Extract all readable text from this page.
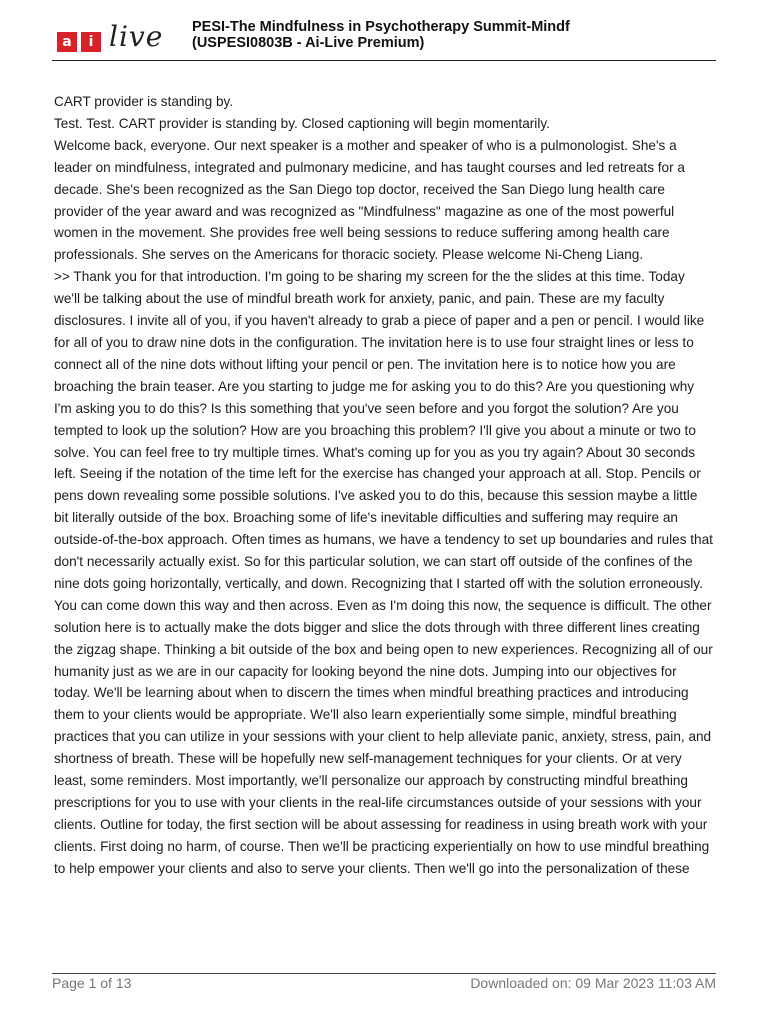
a	i live PESI-The Mindfulness in Psychotherapy Summit-Mindf
(USPESI0803B - Ai-Live Premium)

CART provider is standing by.

Test. Test. CART provider is standing by. Closed captioning will begin momentarily.

Welcome back, everyone. Our next speaker is a mother and speaker of who is a pulmonologist. She's a leader on mindfulness, integrated and pulmonary medicine, and has taught courses and led retreats for a decade. She's been recognized as the San Diego top doctor, received the San Diego lung health care provider of the year award and was recognized as "Mindfulness" magazine as one of the most powerful women in the movement. She provides free well being sessions to reduce suffering among health care professionals. She serves on the Americans for thoracic society. Please welcome Ni-Cheng Liang.

>> Thank you for that introduction. I'm going to be sharing my screen for the the slides at this time. Today we'll be talking about the use of mindful breath work for anxiety, panic, and pain. These are my faculty disclosures. I invite all of you, if you haven't already to grab a piece of paper and a pen or pencil. I would like for all of you to draw nine dots in the configuration. The invitation here is to use four straight lines or less to connect all of the nine dots without lifting your pencil or pen. The invitation here is to notice how you are broaching the brain teaser. Are you starting to judge me for asking you to do this? Are you questioning why I'm asking you to do this? Is this something that you've seen before and you forgot the solution? Are you tempted to look up the solution? How are you broaching this problem? I'll give you about a minute or two to solve. You can feel free to try multiple times. What's coming up for you as you try again? About 30 seconds left. Seeing if the notation of the time left for the exercise has changed your approach at all. Stop. Pencils or pens down revealing some possible solutions. I've asked you to do this, because this session maybe a little bit literally outside of the box. Broaching some of life's inevitable difficulties and suffering may require an outside-of-the-box approach. Often times as humans, we have a tendency to set up boundaries and rules that don't necessarily actually exist. So for this particular solution, we can start off outside of the confines of the nine dots going horizontally, vertically, and down. Recognizing that I started off with the solution erroneously. You can come down this way and then across. Even as I'm doing this now, the sequence is difficult. The other solution here is to actually make the dots bigger and slice the dots through with three different lines creating the zigzag shape. Thinking a bit outside of the box and being open to new experiences. Recognizing all of our humanity just as we are in our capacity for looking beyond the nine dots. Jumping into our objectives for today. We'll be learning about when to discern the times when mindful breathing practices and introducing them to your clients would be appropriate. We'll also learn experientially some simple, mindful breathing practices that you can utilize in your sessions with your client to help alleviate panic, anxiety, stress, pain, and shortness of breath. These will be hopefully new self-management techniques for your clients. Or at very least, some reminders. Most importantly, we'll personalize our approach by constructing mindful breathing prescriptions for you to use with your clients in the real-life circumstances outside of your sessions with your clients. Outline for today, the first section will be about assessing for readiness in using breath work with your clients. First doing no harm, of course. Then we'll be practicing experientially on how to use mindful breathing to help empower your clients and also to serve your clients. Then we'll go into the personalization of these

Page 1 of 13	Downloaded on: 09 Mar 2023 11:03 AM
